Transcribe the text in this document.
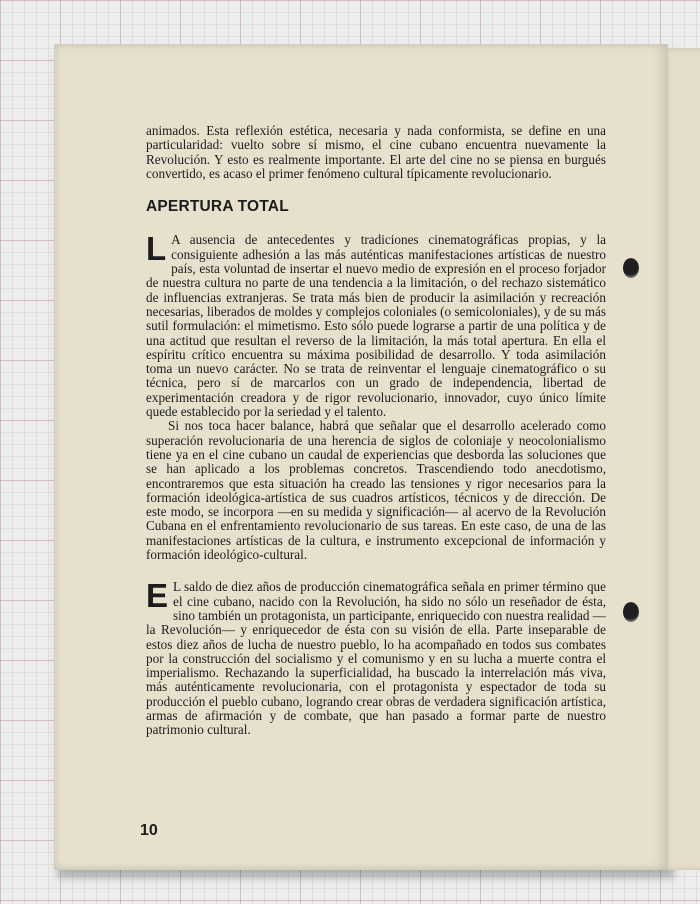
animados. Esta reflexión estética, necesaria y nada conformista, se define en una particularidad: vuelto sobre sí mismo, el cine cubano encuentra nuevamente la Revolución. Y esto es realmente importante. El arte del cine no se piensa en burgués convertido, es acaso el primer fenómeno cultural típicamente revolucionario.

APERTURA TOTAL

L A ausencia de antecedentes y tradiciones cinematográficas propias, y la consiguiente adhesión a las más auténticas manifestaciones artísticas de nuestro país, esta voluntad de insertar el nuevo medio de expresión en el proceso forjador de nuestra cultura no parte de una tendencia a la limitación, o del rechazo sistemático de influencias extranjeras. Se trata más bien de producir la asimilación y recreación necesarias, liberados de moldes y complejos coloniales (o semicoloniales), y de su más sutil formulación: el mimetismo. Esto sólo puede lograrse a partir de una política y de una actitud que resultan el reverso de la limitación, la más total apertura. En ella el espíritu crítico encuentra su máxima posibilidad de desarrollo. Y toda asimilación toma un nuevo carácter. No se trata de reinventar el lenguaje cinematográfico o su técnica, pero sí de marcarlos con un grado de independencia, libertad de experimentación creadora y de rigor revolucionario, innovador, cuyo único límite quede establecido por la seriedad y el talento.

Si nos toca hacer balance, habrá que señalar que el desarrollo acelerado como superación revolucionaria de una herencia de siglos de coloniaje y neocolonialismo tiene ya en el cine cubano un caudal de experiencias que desborda las soluciones que se han aplicado a los problemas concretos. Trascendiendo todo anecdotismo, encontraremos que esta situación ha creado las tensiones y rigor necesarios para la formación ideológica-artística de sus cuadros artísticos, técnicos y de dirección. De este modo, se incorpora —en su medida y significación— al acervo de la Revolución Cubana en el enfrentamiento revolucionario de sus tareas. En este caso, de una de las manifestaciones artísticas de la cultura, e instrumento excepcional de información y formación ideológico-cultural.

E L saldo de diez años de producción cinematográfica señala en primer término que el cine cubano, nacido con la Revolución, ha sido no sólo un reseñador de ésta, sino también un protagonista, un participante, enriquecido con nuestra realidad —la Revolución— y enriquecedor de ésta con su visión de ella. Parte inseparable de estos diez años de lucha de nuestro pueblo, lo ha acompañado en todos sus combates por la construcción del socialismo y el comunismo y en su lucha a muerte contra el imperialismo. Rechazando la superficialidad, ha buscado la interrelación más viva, más auténticamente revolucionaria, con el protagonista y espectador de toda su producción el pueblo cubano, logrando crear obras de verdadera significación artística, armas de afirmación y de combate, que han pasado a formar parte de nuestro patrimonio cultural.

10
